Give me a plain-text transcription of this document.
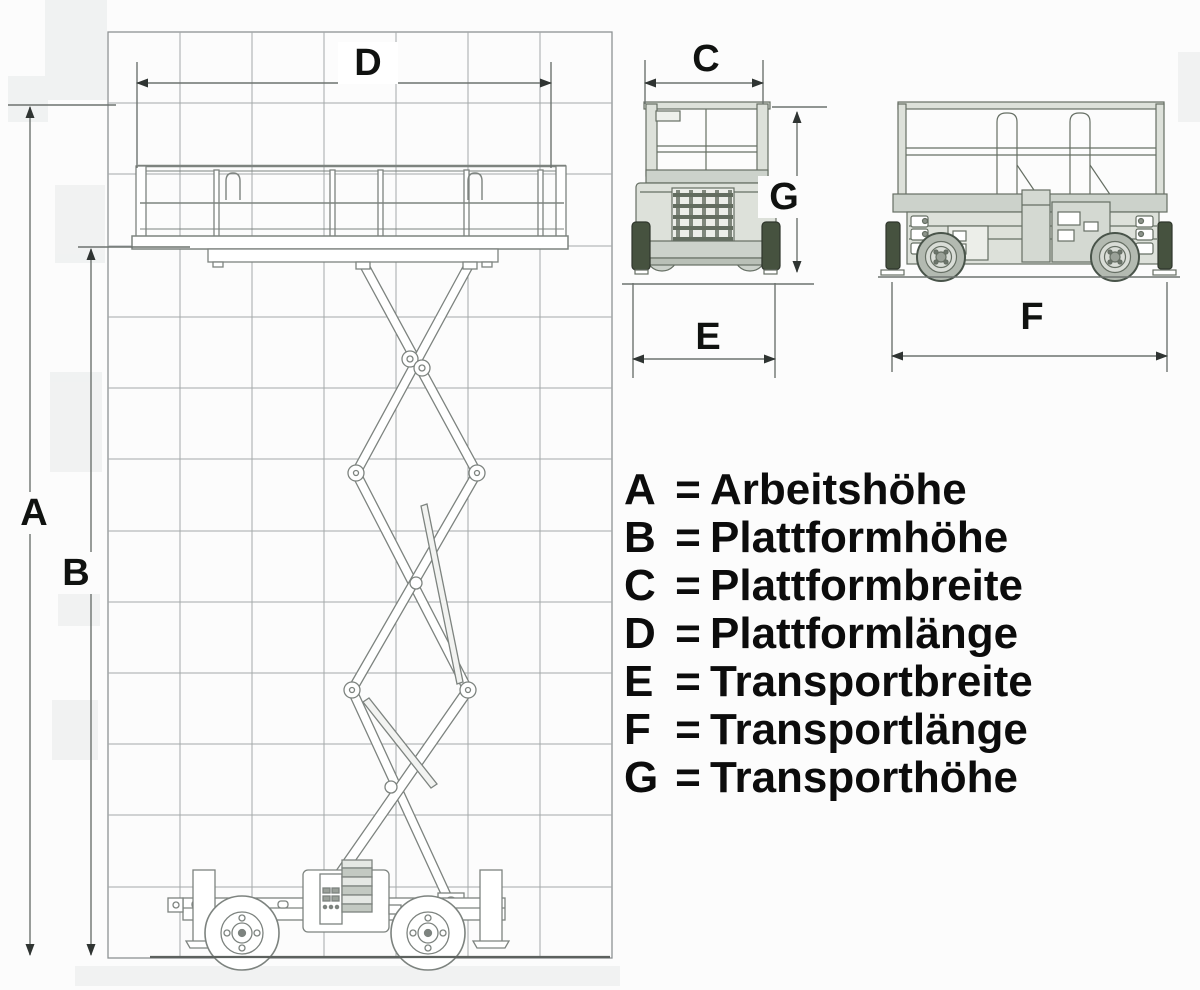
A
B
D	C
G
E	F
A = Arbeitshöhe
B = Plattformhöhe
C = Plattformbreite
D = Plattformlänge
E = Transportbreite
F = Transportlänge
G = Transporthöhe
